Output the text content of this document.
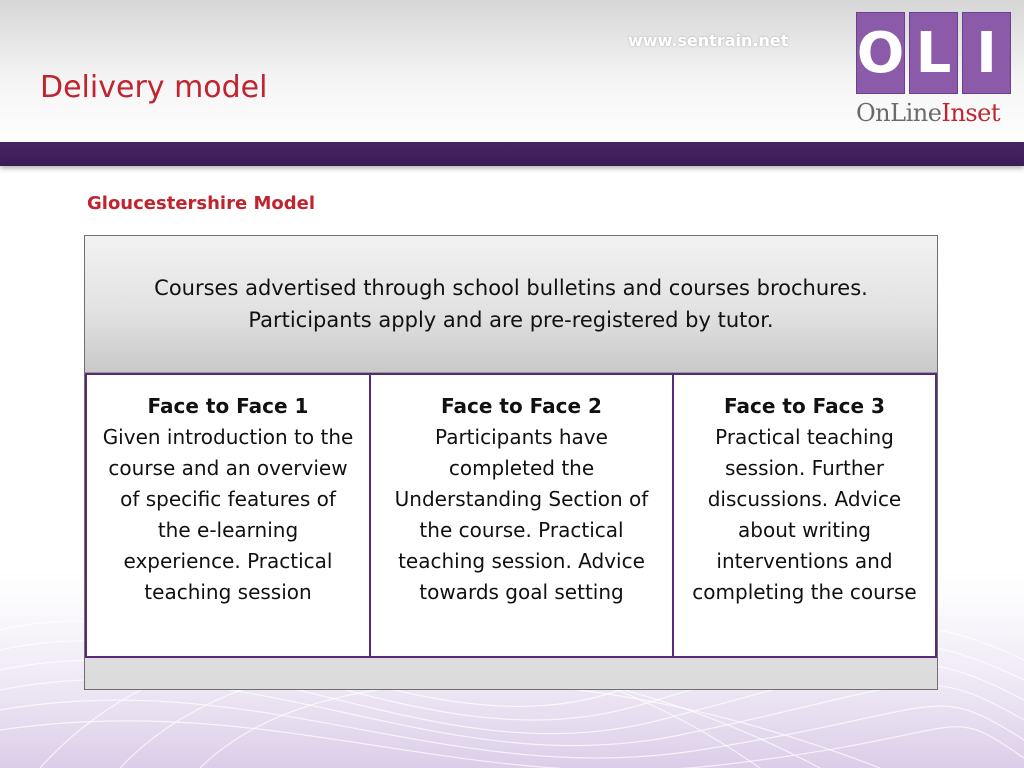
Delivery model
www.sentrain.net O L I
OnLineInset
Gloucestershire Model
Courses advertised through school bulletins and courses brochures. Participants apply and are pre-registered by tutor.
Face to Face 1
Given introduction to the course and an overview of specific features of the e-learning experience. Practical teaching session
Face to Face 2
Participants have completed the Understanding Section of the course. Practical teaching session. Advice towards goal setting
Face to Face 3
Practical teaching session. Further discussions. Advice about writing interventions and completing the course
